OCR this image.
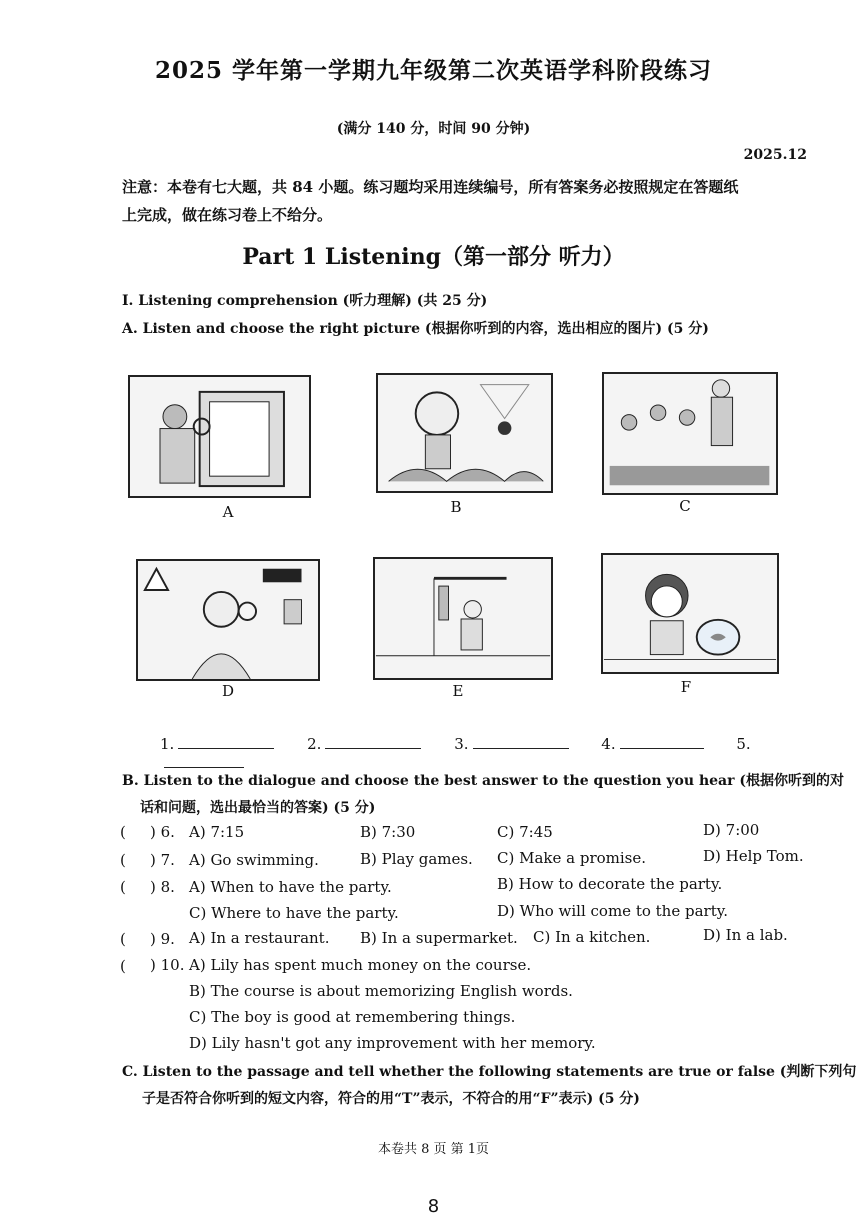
2025 学年第一学期九年级第二次英语学科阶段练习
(满分 140 分，时间 90 分钟)
2025.12
注意：本卷有七大题，共 84 小题。练习题均采用连续编号，所有答案务必按照规定在答题纸
上完成，做在练习卷上不给分。
Part 1 Listening（第一部分 听力）
I. Listening comprehension (听力理解) (共 25 分)
A. Listen and choose the right picture (根据你听到的内容，选出相应的图片) (5 分)
A	B	C
D	E	F
1.	2.	3.	4.	5.
B. Listen to the dialogue and choose the best answer to the question you hear (根据你听到的对
话和问题，选出最恰当的答案) (5 分)
( ) 6. A) 7:15	B) 7:30	C) 7:45	D) 7:00
( ) 7. A) Go swimming.	B) Play games. C) Make a promise.	D) Help Tom.
( ) 8. A) When to have the party.	B) How to decorate the party.
C) Where to have the party.	D) Who will come to the party.
( ) 9. A) In a restaurant. B) In a supermarket. C) In a kitchen.	D) In a lab.
( ) 10. A) Lily has spent much money on the course.
B) The course is about memorizing English words.
C) The boy is good at remembering things.
D) Lily hasn't got any improvement with her memory.
C. Listen to the passage and tell whether the following statements are true or false (判断下列句
子是否符合你听到的短文内容，符合的用“T”表示，不符合的用“F”表示) (5 分)
本卷共 8 页 第 1页
8
